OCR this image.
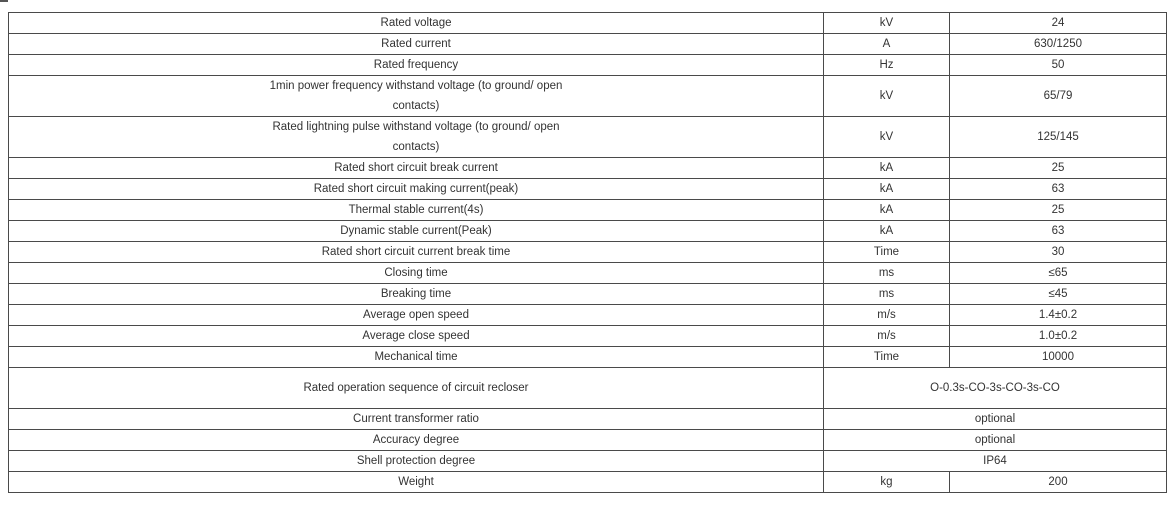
Rated voltage	kV	24
Rated current	A	630/1250
Rated frequency	Hz	50
1min power frequency withstand voltage (to ground/ open contacts)	kV	65/79
Rated lightning pulse withstand voltage (to ground/ open contacts)	kV	125/145
Rated short circuit break current	kA	25
Rated short circuit making current(peak)	kA	63
Thermal stable current(4s)	kA	25
Dynamic stable current(Peak)	kA	63
Rated short circuit current break time	Time	30
Closing time	ms	≤65
Breaking time	ms	≤45
Average open speed	m/s	1.4±0.2
Average close speed	m/s	1.0±0.2
Mechanical time	Time	10000
Rated operation sequence of circuit recloser	O-0.3s-CO-3s-CO-3s-CO	
Current transformer ratio	optional	
Accuracy degree	optional	
Shell protection degree	IP64	
Weight	kg	200
